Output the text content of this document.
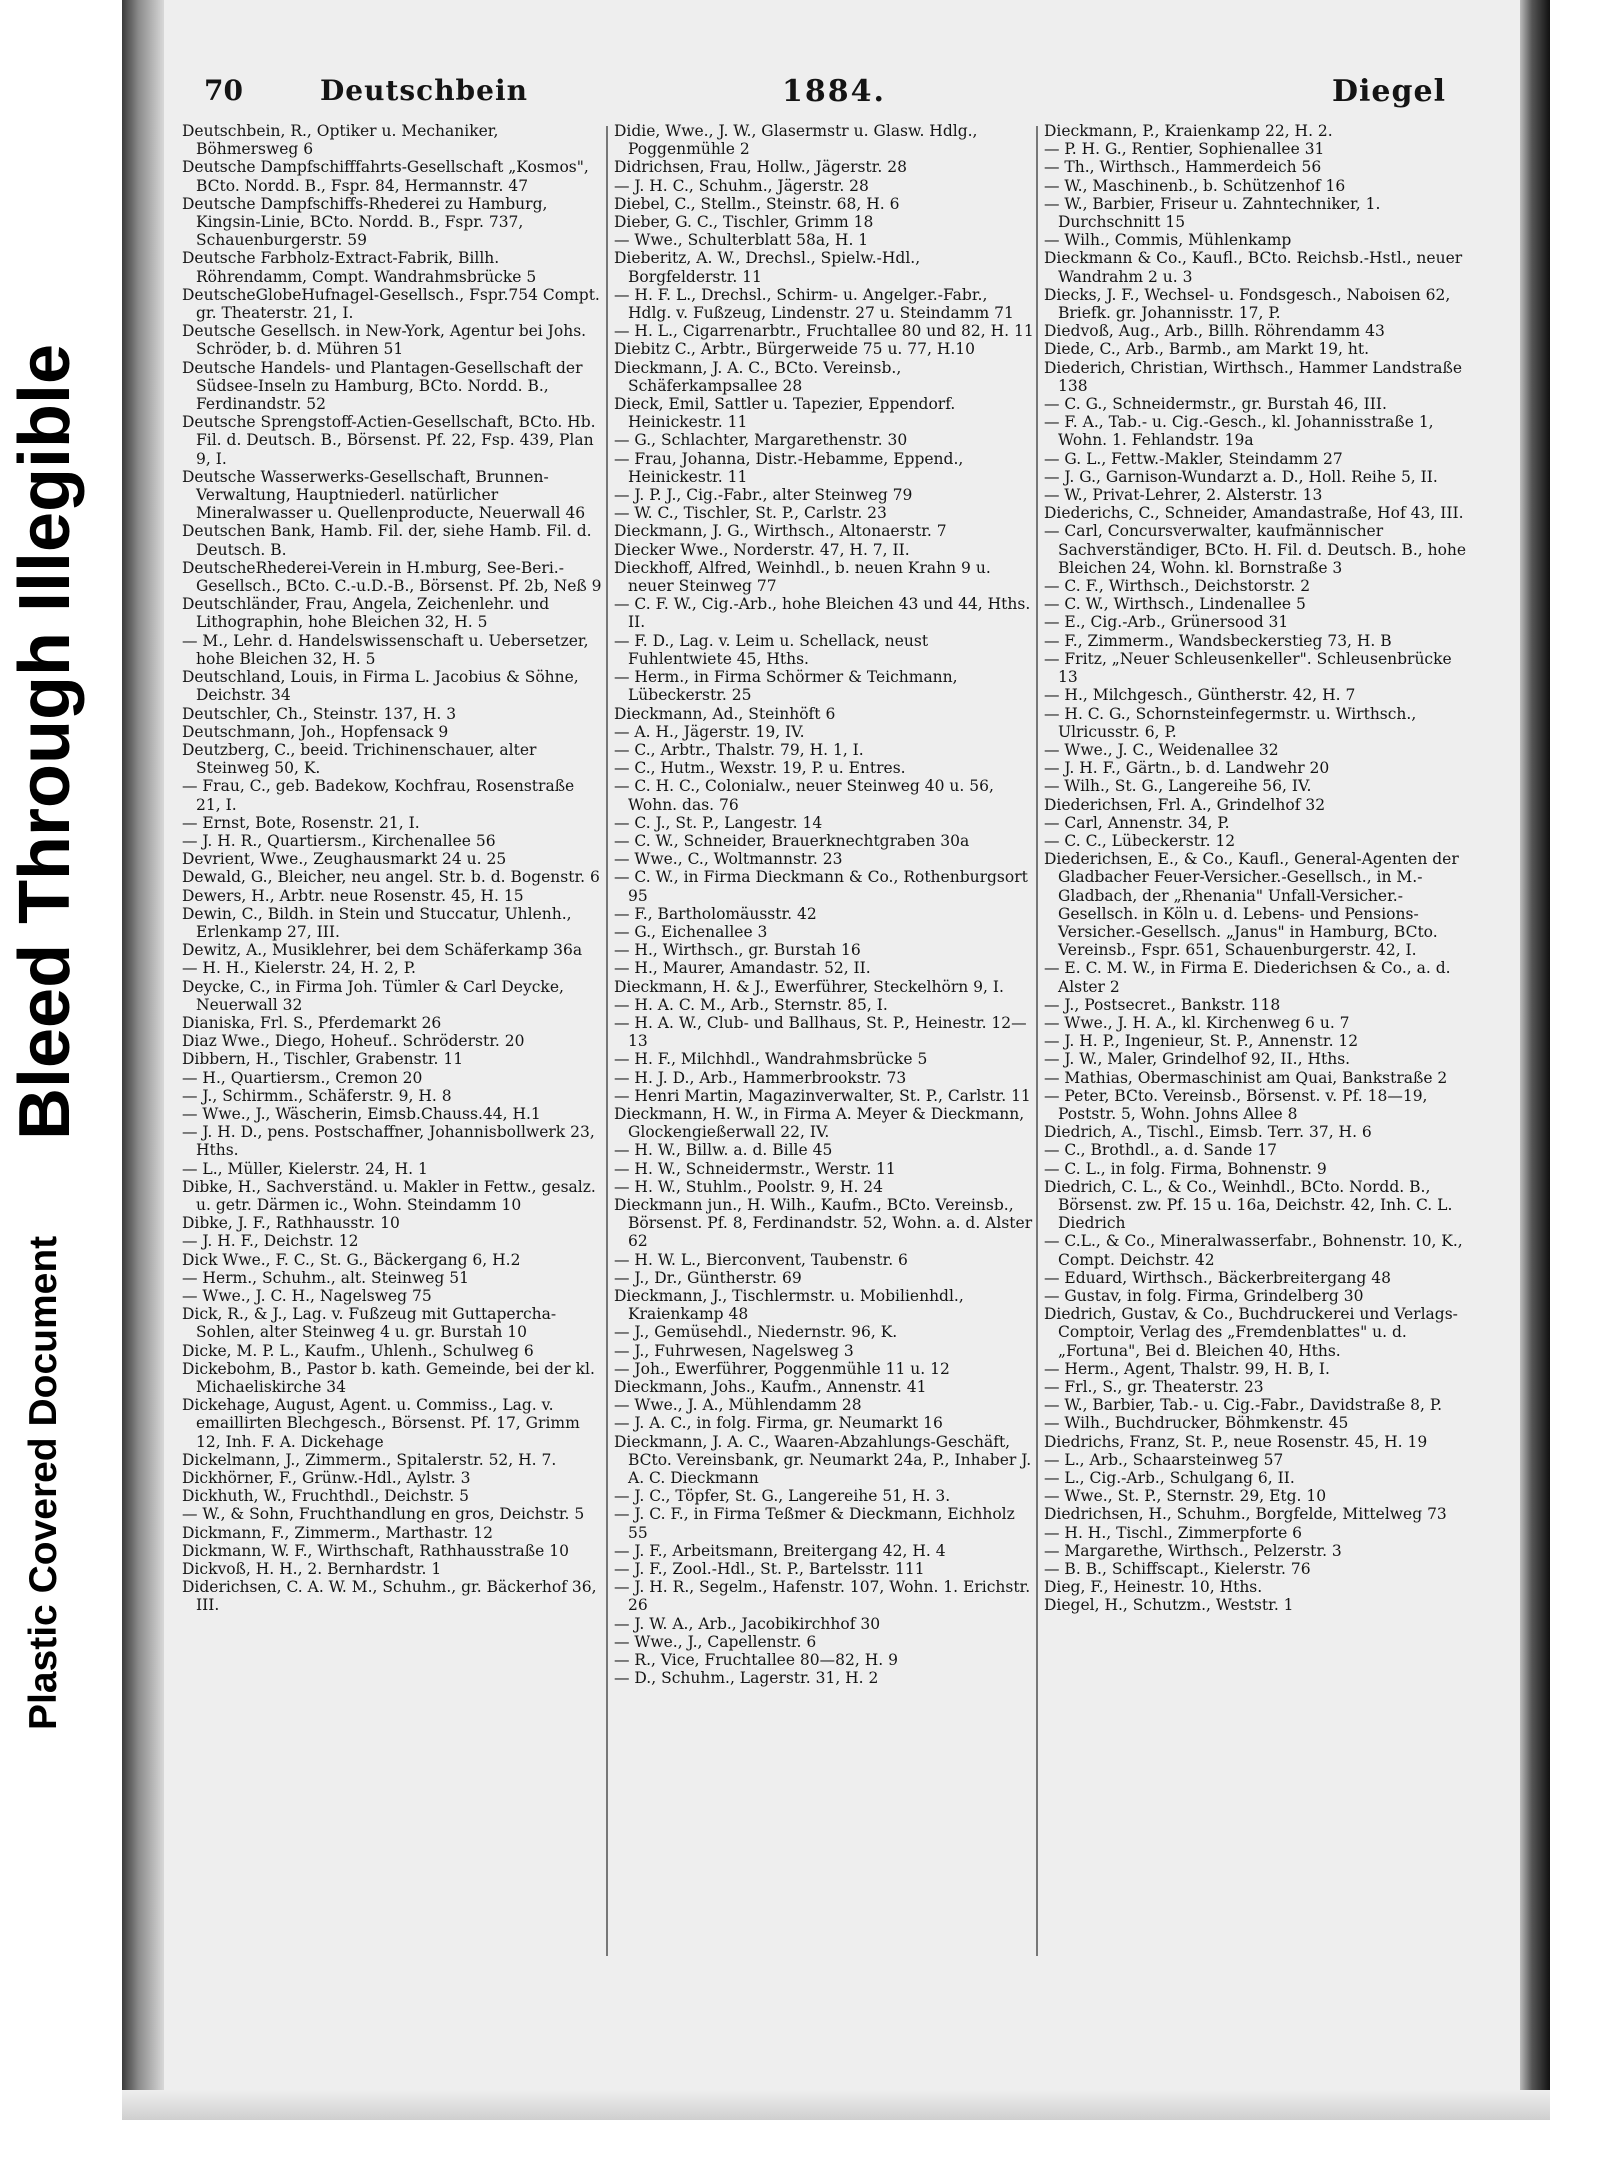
Bleed Through Illegible
Plastic Covered Document
70	Deutschbein	1884.	Diegel

Deutschbein, R., Optiker u. Mechaniker, Böhmersweg 6

Deutsche Dampfschifffahrts-Gesellschaft „Kosmos", BCto. Nordd. B., Fspr. 84, Hermannstr. 47

Deutsche Dampfschiffs-Rhederei zu Hamburg, Kingsin-Linie, BCto. Nordd. B., Fspr. 737, Schauenburgerstr. 59

Deutsche Farbholz-Extract-Fabrik, Billh. Röhrendamm, Compt. Wandrahmsbrücke 5

DeutscheGlobeHufnagel-Gesellsch., Fspr.754 Compt. gr. Theaterstr. 21, I.

Deutsche Gesellsch. in New-York, Agentur bei Johs. Schröder, b. d. Mühren 51

Deutsche Handels- und Plantagen-Gesellschaft der Südsee-Inseln zu Hamburg, BCto. Nordd. B., Ferdinandstr. 52

Deutsche Sprengstoff-Actien-Gesellschaft, BCto. Hb. Fil. d. Deutsch. B., Börsenst. Pf. 22, Fsp. 439, Plan 9, I.

Deutsche Wasserwerks-Gesellschaft, Brunnen-Verwaltung, Hauptniederl. natürlicher Mineralwasser u. Quellenproducte, Neuerwall 46

Deutschen Bank, Hamb. Fil. der, siehe Hamb. Fil. d. Deutsch. B.

DeutscheRhederei-Verein in H.mburg, See-Beri.-Gesellsch., BCto. C.-u.D.-B., Börsenst. Pf. 2b, Neß 9

Deutschländer, Frau, Angela, Zeichenlehr. und Lithographin, hohe Bleichen 32, H. 5

— M., Lehr. d. Handelswissenschaft u. Uebersetzer, hohe Bleichen 32, H. 5

Deutschland, Louis, in Firma L. Jacobius & Söhne, Deichstr. 34

Deutschler, Ch., Steinstr. 137, H. 3

Deutschmann, Joh., Hopfensack 9

Deutzberg, C., beeid. Trichinenschauer, alter Steinweg 50, K.

— Frau, C., geb. Badekow, Kochfrau, Rosenstraße 21, I.

— Ernst, Bote, Rosenstr. 21, I.

— J. H. R., Quartiersm., Kirchenallee 56

Devrient, Wwe., Zeughausmarkt 24 u. 25

Dewald, G., Bleicher, neu angel. Str. b. d. Bogenstr. 6

Dewers, H., Arbtr. neue Rosenstr. 45, H. 15

Dewin, C., Bildh. in Stein und Stuccatur, Uhlenh., Erlenkamp 27, III.

Dewitz, A., Musiklehrer, bei dem Schäferkamp 36a

— H. H., Kielerstr. 24, H. 2, P.

Deycke, C., in Firma Joh. Tümler & Carl Deycke, Neuerwall 32

Dianiska, Frl. S., Pferdemarkt 26

Diaz Wwe., Diego, Hoheuf.. Schröderstr. 20

Dibbern, H., Tischler, Grabenstr. 11

— H., Quartiersm., Cremon 20

— J., Schirmm., Schäferstr. 9, H. 8

— Wwe., J., Wäscherin, Eimsb.Chauss.44, H.1

— J. H. D., pens. Postschaffner, Johannisbollwerk 23, Hths.

— L., Müller, Kielerstr. 24, H. 1

Dibke, H., Sachverständ. u. Makler in Fettw., gesalz. u. getr. Därmen ic., Wohn. Steindamm 10

Dibke, J. F., Rathhausstr. 10

— J. H. F., Deichstr. 12

Dick Wwe., F. C., St. G., Bäckergang 6, H.2

— Herm., Schuhm., alt. Steinweg 51

— Wwe., J. C. H., Nagelsweg 75

Dick, R., & J., Lag. v. Fußzeug mit Guttapercha-Sohlen, alter Steinweg 4 u. gr. Burstah 10

Dicke, M. P. L., Kaufm., Uhlenh., Schulweg 6

Dickebohm, B., Pastor b. kath. Gemeinde, bei der kl. Michaeliskirche 34

Dickehage, August, Agent. u. Commiss., Lag. v. emaillirten Blechgesch., Börsenst. Pf. 17, Grimm 12, Inh. F. A. Dickehage

Dickelmann, J., Zimmerm., Spitalerstr. 52, H. 7.

Dickhörner, F., Grünw.-Hdl., Aylstr. 3

Dickhuth, W., Fruchthdl., Deichstr. 5

— W., & Sohn, Fruchthandlung en gros, Deichstr. 5

Dickmann, F., Zimmerm., Marthastr. 12

Dickmann, W. F., Wirthschaft, Rathhausstraße 10

Dickvoß, H. H., 2. Bernhardstr. 1

Diderichsen, C. A. W. M., Schuhm., gr. Bäckerhof 36, III.

Didie, Wwe., J. W., Glasermstr u. Glasw. Hdlg., Poggenmühle 2

Didrichsen, Frau, Hollw., Jägerstr. 28

— J. H. C., Schuhm., Jägerstr. 28

Diebel, C., Stellm., Steinstr. 68, H. 6

Dieber, G. C., Tischler, Grimm 18

— Wwe., Schulterblatt 58a, H. 1

Dieberitz, A. W., Drechsl., Spielw.-Hdl., Borgfelderstr. 11

— H. F. L., Drechsl., Schirm- u. Angelger.-Fabr., Hdlg. v. Fußzeug, Lindenstr. 27 u. Steindamm 71

— H. L., Cigarrenarbtr., Fruchtallee 80 und 82, H. 11

Diebitz C., Arbtr., Bürgerweide 75 u. 77, H.10

Dieckmann, J. A. C., BCto. Vereinsb., Schäferkampsallee 28

Dieck, Emil, Sattler u. Tapezier, Eppendorf. Heinickestr. 11

— G., Schlachter, Margarethenstr. 30

— Frau, Johanna, Distr.-Hebamme, Eppend., Heinickestr. 11

— J. P. J., Cig.-Fabr., alter Steinweg 79

— W. C., Tischler, St. P., Carlstr. 23

Dieckmann, J. G., Wirthsch., Altonaerstr. 7

Diecker Wwe., Norderstr. 47, H. 7, II.

Dieckhoff, Alfred, Weinhdl., b. neuen Krahn 9 u. neuer Steinweg 77

— C. F. W., Cig.-Arb., hohe Bleichen 43 und 44, Hths. II.

— F. D., Lag. v. Leim u. Schellack, neust Fuhlentwiete 45, Hths.

— Herm., in Firma Schörmer & Teichmann, Lübeckerstr. 25

Dieckmann, Ad., Steinhöft 6

— A. H., Jägerstr. 19, IV.

— C., Arbtr., Thalstr. 79, H. 1, I.

— C., Hutm., Wexstr. 19, P. u. Entres.

— C. H. C., Colonialw., neuer Steinweg 40 u. 56, Wohn. das. 76

— C. J., St. P., Langestr. 14

— C. W., Schneider, Brauerknechtgraben 30a

— Wwe., C., Woltmannstr. 23

— C. W., in Firma Dieckmann & Co., Rothenburgsort 95

— F., Bartholomäusstr. 42

— G., Eichenallee 3

— H., Wirthsch., gr. Burstah 16

— H., Maurer, Amandastr. 52, II.

Dieckmann, H. & J., Ewerführer, Steckelhörn 9, I.

— H. A. C. M., Arb., Sternstr. 85, I.

— H. A. W., Club- und Ballhaus, St. P., Heinestr. 12—13

— H. F., Milchhdl., Wandrahmsbrücke 5

— H. J. D., Arb., Hammerbrookstr. 73

— Henri Martin, Magazinverwalter, St. P., Carlstr. 11

Dieckmann, H. W., in Firma A. Meyer & Dieckmann, Glockengießerwall 22, IV.

— H. W., Billw. a. d. Bille 45

— H. W., Schneidermstr., Werstr. 11

— H. W., Stuhlm., Poolstr. 9, H. 24

Dieckmann jun., H. Wilh., Kaufm., BCto. Vereinsb., Börsenst. Pf. 8, Ferdinandstr. 52, Wohn. a. d. Alster 62

— H. W. L., Bierconvent, Taubenstr. 6

— J., Dr., Güntherstr. 69

Dieckmann, J., Tischlermstr. u. Mobilienhdl., Kraienkamp 48

— J., Gemüsehdl., Niedernstr. 96, K.

— J., Fuhrwesen, Nagelsweg 3

— Joh., Ewerführer, Poggenmühle 11 u. 12

Dieckmann, Johs., Kaufm., Annenstr. 41

— Wwe., J. A., Mühlendamm 28

— J. A. C., in folg. Firma, gr. Neumarkt 16

Dieckmann, J. A. C., Waaren-Abzahlungs-Geschäft, BCto. Vereinsbank, gr. Neumarkt 24a, P., Inhaber J. A. C. Dieckmann

— J. C., Töpfer, St. G., Langereihe 51, H. 3.

— J. C. F., in Firma Teßmer & Dieckmann, Eichholz 55

— J. F., Arbeitsmann, Breitergang 42, H. 4

— J. F., Zool.-Hdl., St. P., Bartelsstr. 111

— J. H. R., Segelm., Hafenstr. 107, Wohn. 1. Erichstr. 26

— J. W. A., Arb., Jacobikirchhof 30

— Wwe., J., Capellenstr. 6

— R., Vice, Fruchtallee 80—82, H. 9

— D., Schuhm., Lagerstr. 31, H. 2

Dieckmann, P., Kraienkamp 22, H. 2.

— P. H. G., Rentier, Sophienallee 31

— Th., Wirthsch., Hammerdeich 56

— W., Maschinenb., b. Schützenhof 16

— W., Barbier, Friseur u. Zahntechniker, 1. Durchschnitt 15

— Wilh., Commis, Mühlenkamp

Dieckmann & Co., Kaufl., BCto. Reichsb.-Hstl., neuer Wandrahm 2 u. 3

Diecks, J. F., Wechsel- u. Fondsgesch., Naboisen 62, Briefk. gr. Johannisstr. 17, P.

Diedvoß, Aug., Arb., Billh. Röhrendamm 43

Diede, C., Arb., Barmb., am Markt 19, ht.

Diederich, Christian, Wirthsch., Hammer Landstraße 138

— C. G., Schneidermstr., gr. Burstah 46, III.

— F. A., Tab.- u. Cig.-Gesch., kl. Johannisstraße 1, Wohn. 1. Fehlandstr. 19a

— G. L., Fettw.-Makler, Steindamm 27

— J. G., Garnison-Wundarzt a. D., Holl. Reihe 5, II.

— W., Privat-Lehrer, 2. Alsterstr. 13

Diederichs, C., Schneider, Amandastraße, Hof 43, III.

— Carl, Concursverwalter, kaufmännischer Sachverständiger, BCto. H. Fil. d. Deutsch. B., hohe Bleichen 24, Wohn. kl. Bornstraße 3

— C. F., Wirthsch., Deichstorstr. 2

— C. W., Wirthsch., Lindenallee 5

— E., Cig.-Arb., Grünersood 31

— F., Zimmerm., Wandsbeckerstieg 73, H. B

— Fritz, „Neuer Schleusenkeller". Schleusenbrücke 13

— H., Milchgesch., Güntherstr. 42, H. 7

— H. C. G., Schornsteinfegermstr. u. Wirthsch., Ulricusstr. 6, P.

— Wwe., J. C., Weidenallee 32

— J. H. F., Gärtn., b. d. Landwehr 20

— Wilh., St. G., Langereihe 56, IV.

Diederichsen, Frl. A., Grindelhof 32

— Carl, Annenstr. 34, P.

— C. C., Lübeckerstr. 12

Diederichsen, E., & Co., Kaufl., General-Agenten der Gladbacher Feuer-Versicher.-Gesellsch., in M.-Gladbach, der „Rhenania" Unfall-Versicher.-Gesellsch. in Köln u. d. Lebens- und Pensions-Versicher.-Gesellsch. „Janus" in Hamburg, BCto. Vereinsb., Fspr. 651, Schauenburgerstr. 42, I.

— E. C. M. W., in Firma E. Diederichsen & Co., a. d. Alster 2

— J., Postsecret., Bankstr. 118

— Wwe., J. H. A., kl. Kirchenweg 6 u. 7

— J. H. P., Ingenieur, St. P., Annenstr. 12

— J. W., Maler, Grindelhof 92, II., Hths.

— Mathias, Obermaschinist am Quai, Bankstraße 2

— Peter, BCto. Vereinsb., Börsenst. v. Pf. 18—19, Poststr. 5, Wohn. Johns Allee 8

Diedrich, A., Tischl., Eimsb. Terr. 37, H. 6

— C., Brothdl., a. d. Sande 17

— C. L., in folg. Firma, Bohnenstr. 9

Diedrich, C. L., & Co., Weinhdl., BCto. Nordd. B., Börsenst. zw. Pf. 15 u. 16a, Deichstr. 42, Inh. C. L. Diedrich

— C.L., & Co., Mineralwasserfabr., Bohnenstr. 10, K., Compt. Deichstr. 42

— Eduard, Wirthsch., Bäckerbreitergang 48

— Gustav, in folg. Firma, Grindelberg 30

Diedrich, Gustav, & Co., Buchdruckerei und Verlags-Comptoir, Verlag des „Fremdenblattes" u. d. „Fortuna", Bei d. Bleichen 40, Hths.

— Herm., Agent, Thalstr. 99, H. B, I.

— Frl., S., gr. Theaterstr. 23

— W., Barbier, Tab.- u. Cig.-Fabr., Davidstraße 8, P.

— Wilh., Buchdrucker, Böhmkenstr. 45

Diedrichs, Franz, St. P., neue Rosenstr. 45, H. 19

— L., Arb., Schaarsteinweg 57

— L., Cig.-Arb., Schulgang 6, II.

— Wwe., St. P., Sternstr. 29, Etg. 10

Diedrichsen, H., Schuhm., Borgfelde, Mittelweg 73

— H. H., Tischl., Zimmerpforte 6

— Margarethe, Wirthsch., Pelzerstr. 3

— B. B., Schiffscapt., Kielerstr. 76

Dieg, F., Heinestr. 10, Hths.

Diegel, H., Schutzm., Weststr. 1
